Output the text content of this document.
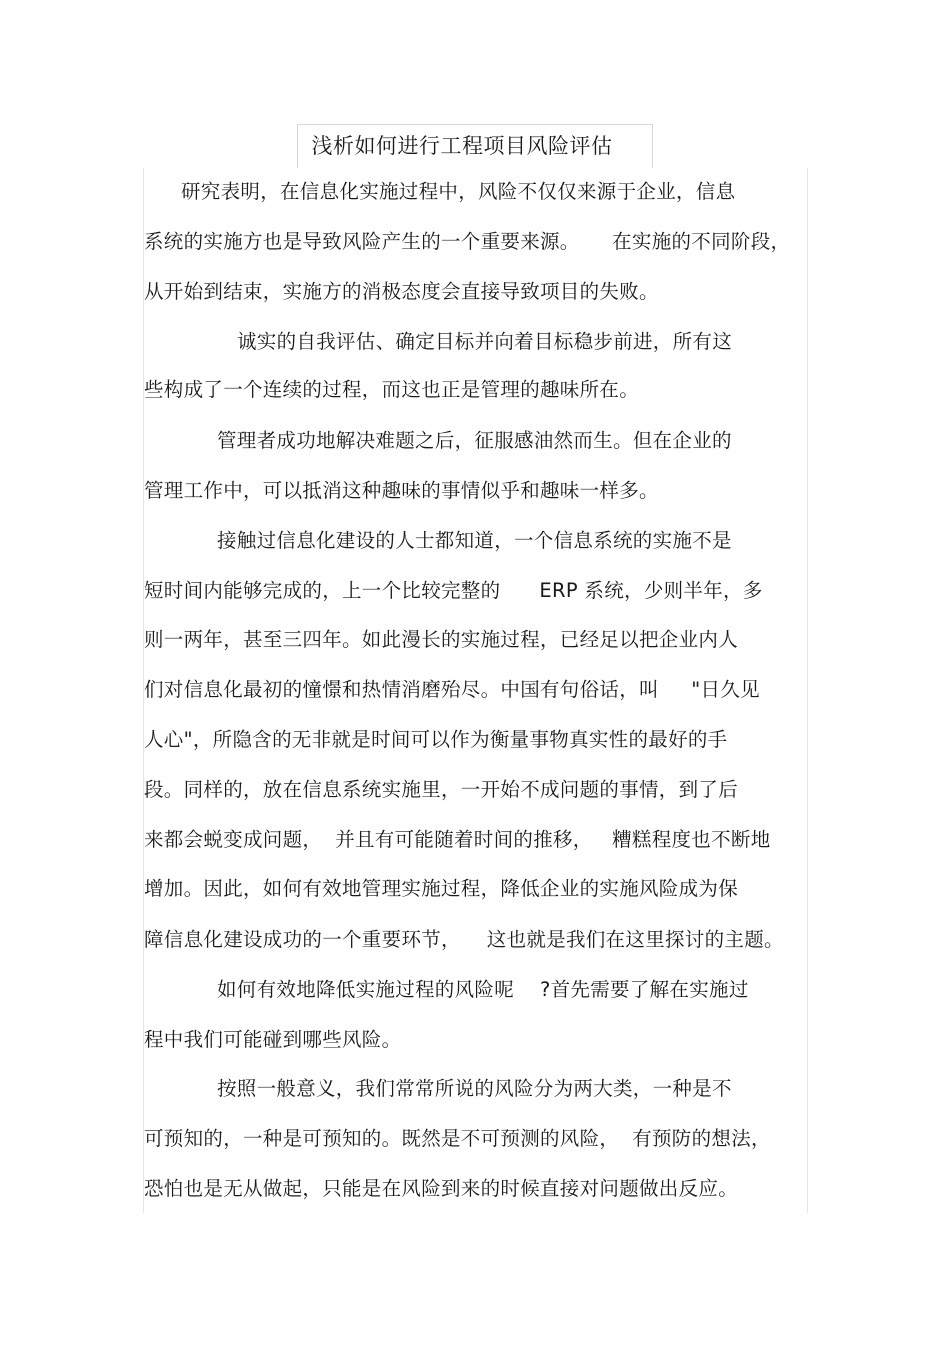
浅析如何进行工程项目风险评估
研究表明，在信息化实施过程中，风险不仅仅来源于企业，信息
系统的实施方也是导致风险产生的一个重要来源。     在实施的不同阶段，
从开始到结束，实施方的消极态度会直接导致项目的失败。
诚实的自我评估、确定目标并向着目标稳步前进，所有这
些构成了一个连续的过程，而这也正是管理的趣味所在。
管理者成功地解决难题之后，征服感油然而生。但在企业的
管理工作中，可以抵消这种趣味的事情似乎和趣味一样多。
接触过信息化建设的人士都知道，一个信息系统的实施不是
短时间内能够完成的，上一个比较完整的      ERP 系统，少则半年，多
则一两年，甚至三四年。如此漫长的实施过程，已经足以把企业内人
们对信息化最初的憧憬和热情消磨殆尽。中国有句俗话，叫     "日久见
人心"，所隐含的无非就是时间可以作为衡量事物真实性的最好的手
段。同样的，放在信息系统实施里，一开始不成问题的事情，到了后
来都会蜕变成问题，  并且有可能随着时间的推移，   糟糕程度也不断地
增加。因此，如何有效地管理实施过程，降低企业的实施风险成为保
障信息化建设成功的一个重要环节，    这也就是我们在这里探讨的主题。
如何有效地降低实施过程的风险呢    ?首先需要了解在实施过
程中我们可能碰到哪些风险。
按照一般意义，我们常常所说的风险分为两大类，一种是不
可预知的，一种是可预知的。既然是不可预测的风险，  有预防的想法，
恐怕也是无从做起，只能是在风险到来的时候直接对问题做出反应。
